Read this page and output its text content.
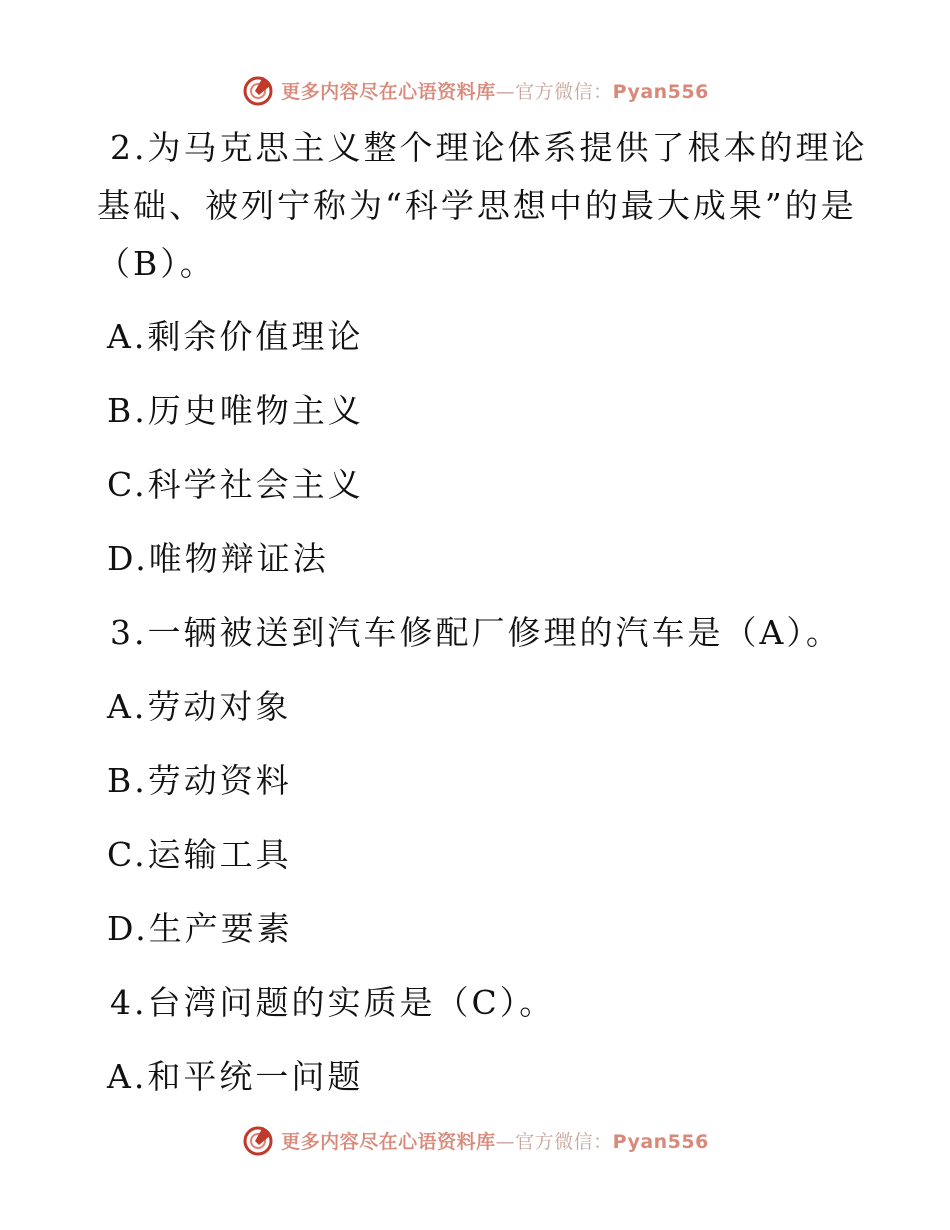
更多内容尽在心语资料库—官方微信：Pyan556
2.为马克思主义整个理论体系提供了根本的理论
基础、被列宁称为“科学思想中的最大成果”的是
（B）。
A.剩余价值理论
B.历史唯物主义
C.科学社会主义
D.唯物辩证法
3.一辆被送到汽车修配厂修理的汽车是（A）。
A.劳动对象
B.劳动资料
C.运输工具
D.生产要素
4.台湾问题的实质是（C）。
A.和平统一问题
更多内容尽在心语资料库—官方微信：Pyan556
